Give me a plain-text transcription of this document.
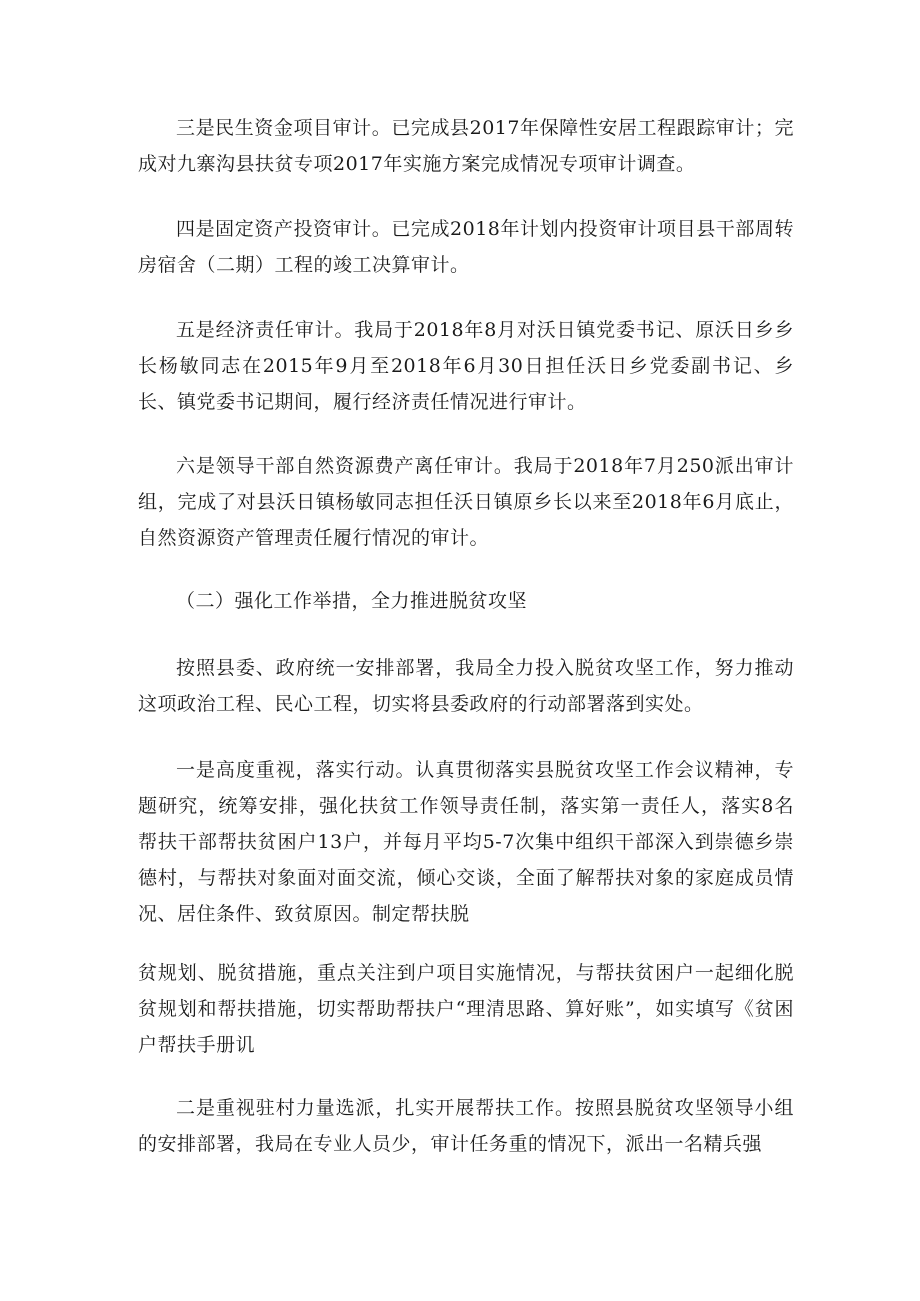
三是民生资金项目审计。已完成县2017年保障性安居工程跟踪审计；完成对九寨沟县扶贫专项2017年实施方案完成情况专项审计调查。

四是固定资产投资审计。已完成2018年计划内投资审计项目县干部周转房宿舍（二期）工程的竣工决算审计。

五是经济责任审计。我局于2018年8月对沃日镇党委书记、原沃日乡乡长杨敏同志在2015年9月至2018年6月30日担任沃日乡党委副书记、乡长、镇党委书记期间，履行经济责任情况进行审计。

六是领导干部自然资源费产离任审计。我局于2018年7月250派出审计组，完成了对县沃日镇杨敏同志担任沃日镇原乡长以来至2018年6月底止，自然资源资产管理责任履行情况的审计。

（二）强化工作举措，全力推进脱贫攻坚

按照县委、政府统一安排部署，我局全力投入脱贫攻坚工作，努力推动这项政治工程、民心工程，切实将县委政府的行动部署落到实处。

一是高度重视，落实行动。认真贯彻落实县脱贫攻坚工作会议精神，专题研究，统筹安排，强化扶贫工作领导责任制，落实第一责任人，落实8名帮扶干部帮扶贫困户13户，并每月平均5-7次集中组织干部深入到崇德乡崇德村，与帮扶对象面对面交流，倾心交谈，全面了解帮扶对象的家庭成员情况、居住条件、致贫原因。制定帮扶脱

贫规划、脱贫措施，重点关注到户项目实施情况，与帮扶贫困户一起细化脱贫规划和帮扶措施，切实帮助帮扶户“理清思路、算好账”，如实填写《贫困户帮扶手册讥

二是重视驻村力量选派，扎实开展帮扶工作。按照县脱贫攻坚领导小组的安排部署，我局在专业人员少，审计任务重的情况下，派出一名精兵强
